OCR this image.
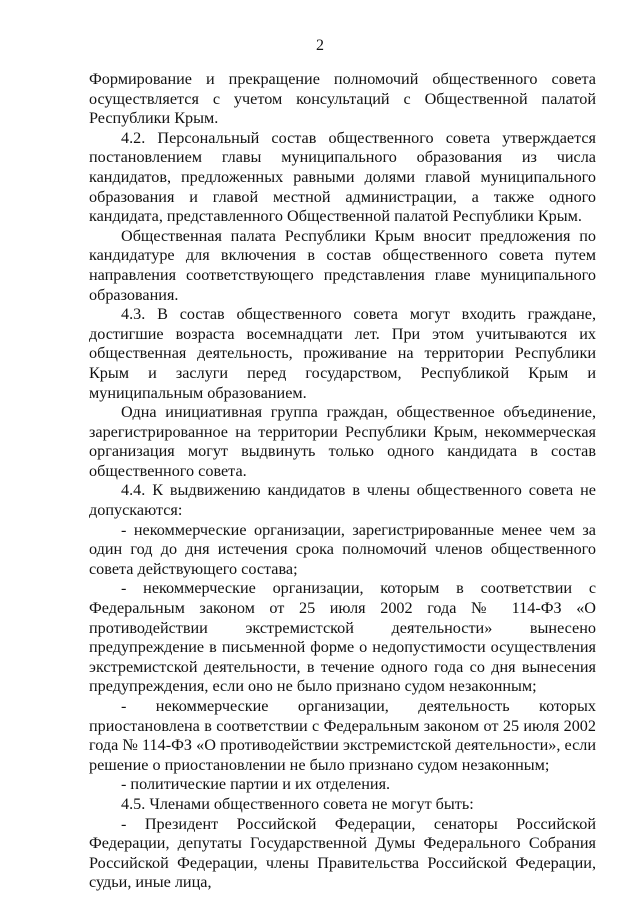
2

Формирование и прекращение полномочий общественного совета осуществляется с учетом консультаций с Общественной палатой Республики Крым.

4.2. Персональный состав общественного совета утверждается постановлением главы муниципального образования из числа кандидатов, предложенных равными долями главой муниципального образования и главой местной администрации, а также одного кандидата, представленного Общественной палатой Республики Крым.

Общественная палата Республики Крым вносит предложения по кандидатуре для включения в состав общественного совета путем направления соответствующего представления главе муниципального образования.

4.3. В состав общественного совета могут входить граждане, достигшие возраста восемнадцати лет. При этом учитываются их общественная деятельность, проживание на территории Республики Крым и заслуги перед государством, Республикой Крым и муниципальным образованием.

Одна инициативная группа граждан, общественное объединение, зарегистрированное на территории Республики Крым, некоммерческая организация могут выдвинуть только одного кандидата в состав общественного совета.

4.4. К выдвижению кандидатов в члены общественного совета не допускаются:

- некоммерческие организации, зарегистрированные менее чем за один год до дня истечения срока полномочий членов общественного совета действующего состава;

- некоммерческие организации, которым в соответствии с Федеральным законом от 25 июля 2002 года № 114-ФЗ «О противодействии экстремистской деятельности» вынесено предупреждение в письменной форме о недопустимости осуществления экстремистской деятельности, в течение одного года со дня вынесения предупреждения, если оно не было признано судом незаконным;

- некоммерческие организации, деятельность которых приостановлена в соответствии с Федеральным законом от 25 июля 2002 года № 114-ФЗ «О противодействии экстремистской деятельности», если решение о приостановлении не было признано судом незаконным;

- политические партии и их отделения.

4.5. Членами общественного совета не могут быть:

- Президент Российской Федерации, сенаторы Российской Федерации, депутаты Государственной Думы Федерального Собрания Российской Федерации, члены Правительства Российской Федерации, судьи, иные лица,
